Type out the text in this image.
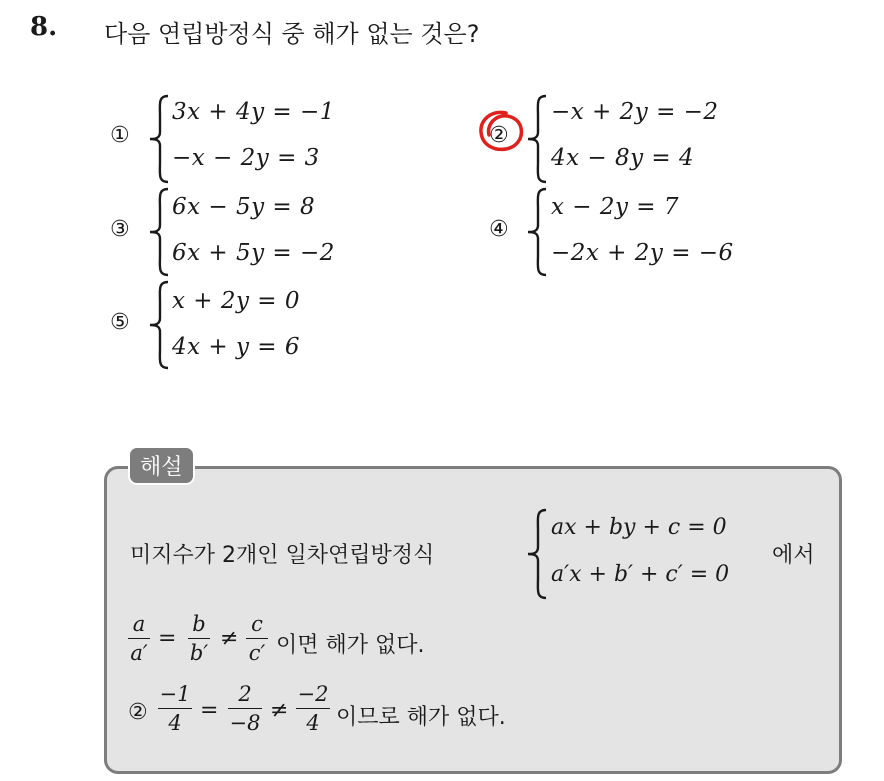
8. 다음 연립방정식 중 해가 없는 것은?
①
3x + 4y = −1
−x − 2y = 3
②
−x + 2y = −2
4x − 8y = 4
③
6x − 5y = 8
6x + 5y = −2
④
x − 2y = 7
−2x + 2y = −6
⑤
x + 2y = 0
4x + y = 6
해설
미지수가 2개인 일차연립방정식
ax + by + c = 0
a′x + b′ + c′ = 0
에서
a
a′
=
b
b′
≠
c
c′ 이면 해가 없다.
②
−1
4 =
2
−8 ≠
−2
4 이므로 해가 없다.
